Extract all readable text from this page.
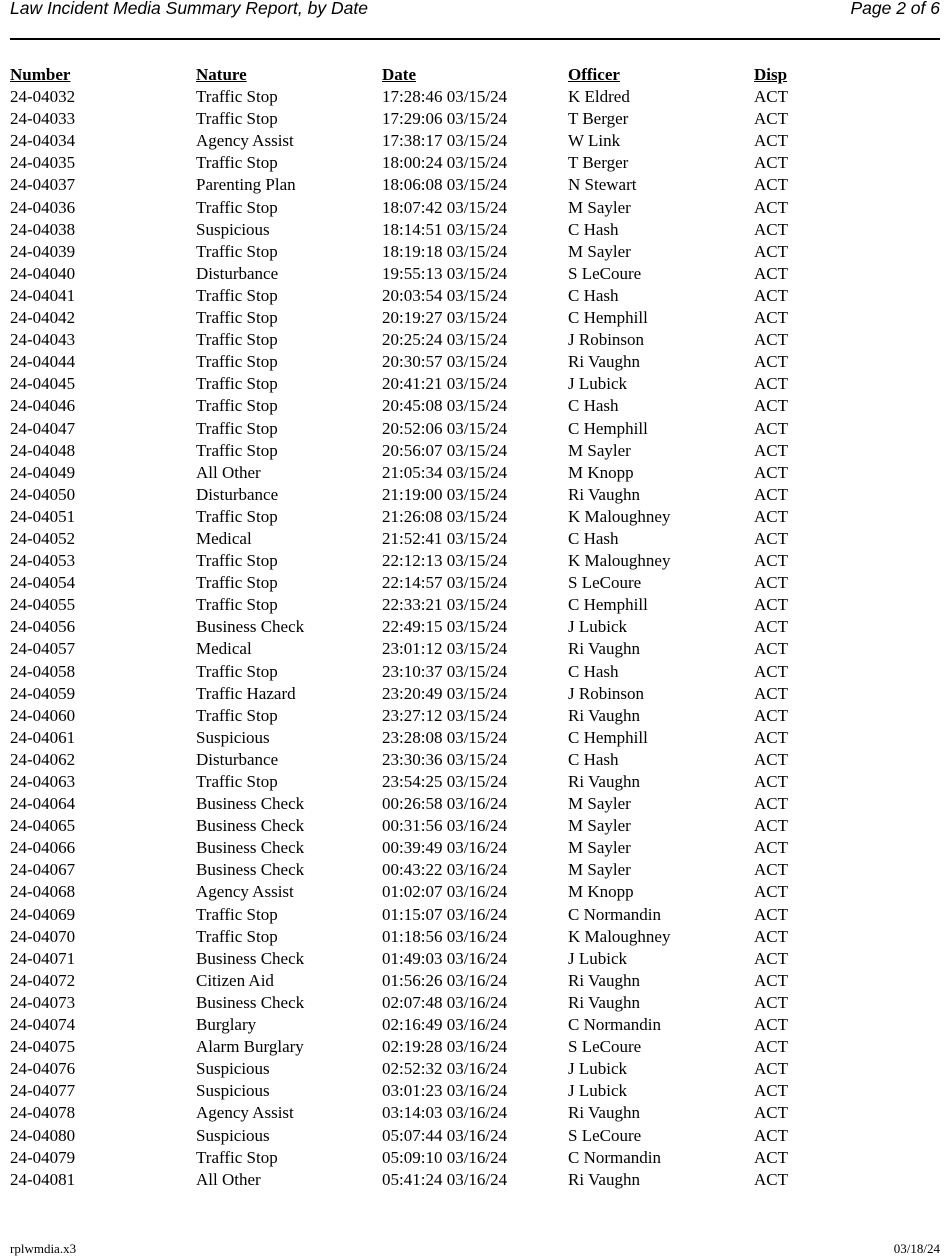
Law Incident Media Summary Report, by Date	Page 2 of 6
Number	Nature	Date	Officer	Disp
24-04032	Traffic Stop	17:28:46 03/15/24	K Eldred	ACT
24-04033	Traffic Stop	17:29:06 03/15/24	T Berger	ACT
24-04034	Agency Assist	17:38:17 03/15/24	W Link	ACT
24-04035	Traffic Stop	18:00:24 03/15/24	T Berger	ACT
24-04037	Parenting Plan	18:06:08 03/15/24	N Stewart	ACT
24-04036	Traffic Stop	18:07:42 03/15/24	M Sayler	ACT
24-04038	Suspicious	18:14:51 03/15/24	C Hash	ACT
24-04039	Traffic Stop	18:19:18 03/15/24	M Sayler	ACT
24-04040	Disturbance	19:55:13 03/15/24	S LeCoure	ACT
24-04041	Traffic Stop	20:03:54 03/15/24	C Hash	ACT
24-04042	Traffic Stop	20:19:27 03/15/24	C Hemphill	ACT
24-04043	Traffic Stop	20:25:24 03/15/24	J Robinson	ACT
24-04044	Traffic Stop	20:30:57 03/15/24	Ri Vaughn	ACT
24-04045	Traffic Stop	20:41:21 03/15/24	J Lubick	ACT
24-04046	Traffic Stop	20:45:08 03/15/24	C Hash	ACT
24-04047	Traffic Stop	20:52:06 03/15/24	C Hemphill	ACT
24-04048	Traffic Stop	20:56:07 03/15/24	M Sayler	ACT
24-04049	All Other	21:05:34 03/15/24	M Knopp	ACT
24-04050	Disturbance	21:19:00 03/15/24	Ri Vaughn	ACT
24-04051	Traffic Stop	21:26:08 03/15/24	K Maloughney	ACT
24-04052	Medical	21:52:41 03/15/24	C Hash	ACT
24-04053	Traffic Stop	22:12:13 03/15/24	K Maloughney	ACT
24-04054	Traffic Stop	22:14:57 03/15/24	S LeCoure	ACT
24-04055	Traffic Stop	22:33:21 03/15/24	C Hemphill	ACT
24-04056	Business Check	22:49:15 03/15/24	J Lubick	ACT
24-04057	Medical	23:01:12 03/15/24	Ri Vaughn	ACT
24-04058	Traffic Stop	23:10:37 03/15/24	C Hash	ACT
24-04059	Traffic Hazard	23:20:49 03/15/24	J Robinson	ACT
24-04060	Traffic Stop	23:27:12 03/15/24	Ri Vaughn	ACT
24-04061	Suspicious	23:28:08 03/15/24	C Hemphill	ACT
24-04062	Disturbance	23:30:36 03/15/24	C Hash	ACT
24-04063	Traffic Stop	23:54:25 03/15/24	Ri Vaughn	ACT
24-04064	Business Check	00:26:58 03/16/24	M Sayler	ACT
24-04065	Business Check	00:31:56 03/16/24	M Sayler	ACT
24-04066	Business Check	00:39:49 03/16/24	M Sayler	ACT
24-04067	Business Check	00:43:22 03/16/24	M Sayler	ACT
24-04068	Agency Assist	01:02:07 03/16/24	M Knopp	ACT
24-04069	Traffic Stop	01:15:07 03/16/24	C Normandin	ACT
24-04070	Traffic Stop	01:18:56 03/16/24	K Maloughney	ACT
24-04071	Business Check	01:49:03 03/16/24	J Lubick	ACT
24-04072	Citizen Aid	01:56:26 03/16/24	Ri Vaughn	ACT
24-04073	Business Check	02:07:48 03/16/24	Ri Vaughn	ACT
24-04074	Burglary	02:16:49 03/16/24	C Normandin	ACT
24-04075	Alarm Burglary	02:19:28 03/16/24	S LeCoure	ACT
24-04076	Suspicious	02:52:32 03/16/24	J Lubick	ACT
24-04077	Suspicious	03:01:23 03/16/24	J Lubick	ACT
24-04078	Agency Assist	03:14:03 03/16/24	Ri Vaughn	ACT
24-04080	Suspicious	05:07:44 03/16/24	S LeCoure	ACT
24-04079	Traffic Stop	05:09:10 03/16/24	C Normandin	ACT
24-04081	All Other	05:41:24 03/16/24	Ri Vaughn	ACT
rplwmdia.x3	03/18/24
